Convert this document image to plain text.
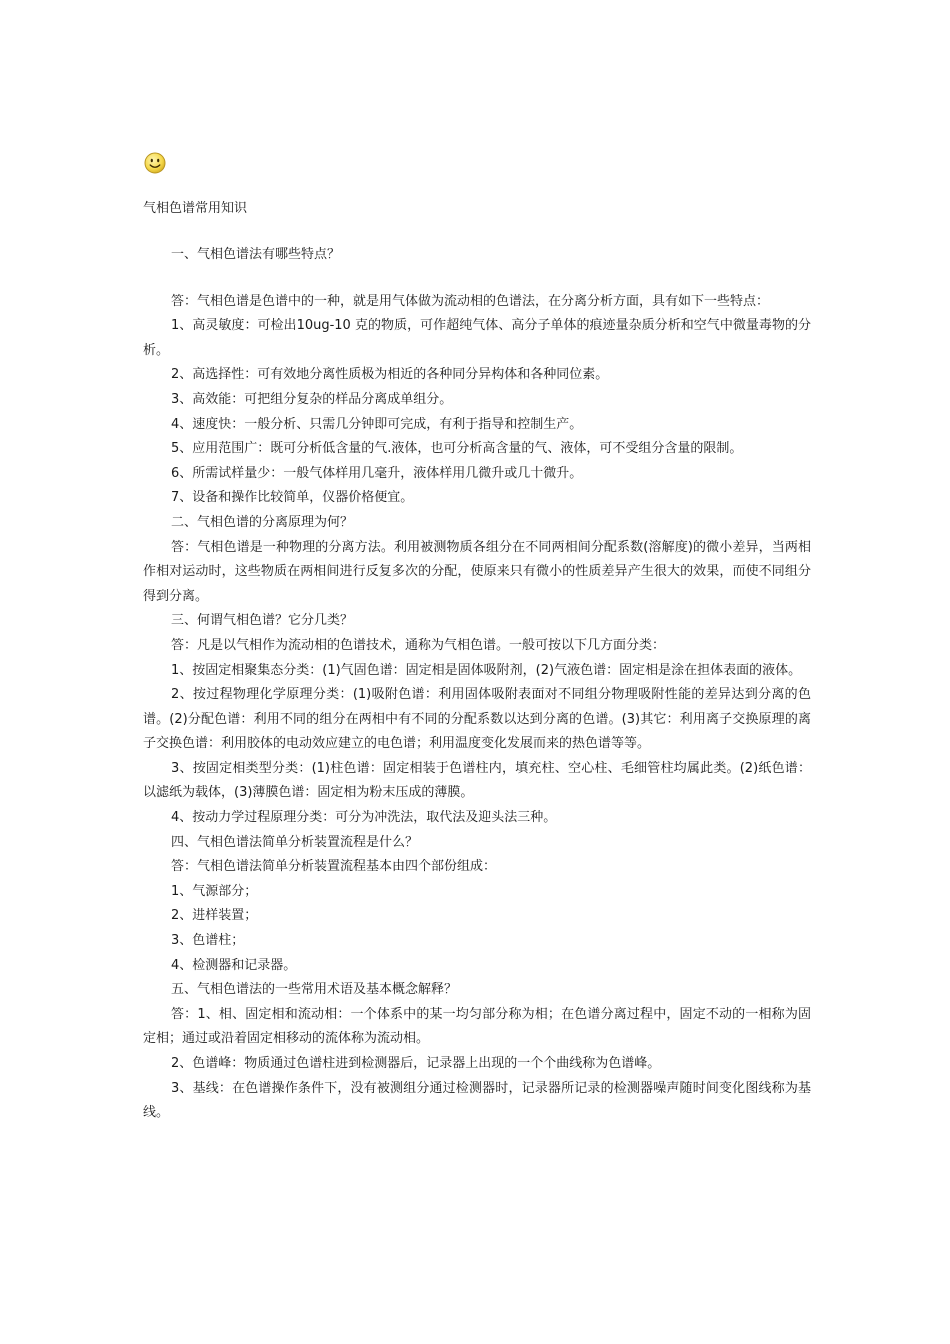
气相色谱常用知识

一、气相色谱法有哪些特点？

答：气相色谱是色谱中的一种，就是用气体做为流动相的色谱法，在分离分析方面，具有如下一些特点：

1、高灵敏度：可检出10ug-10 克的物质，可作超纯气体、高分子单体的痕迹量杂质分析和空气中微量毒物的分析。

2、高选择性：可有效地分离性质极为相近的各种同分异构体和各种同位素。

3、高效能：可把组分复杂的样品分离成单组分。

4、速度快：一般分析、只需几分钟即可完成，有利于指导和控制生产。

5、应用范围广：既可分析低含量的气.液体，也可分析高含量的气、液体，可不受组分含量的限制。

6、所需试样量少：一般气体样用几毫升，液体样用几微升或几十微升。

7、设备和操作比较简单，仪器价格便宜。

二、气相色谱的分离原理为何？

答：气相色谱是一种物理的分离方法。利用被测物质各组分在不同两相间分配系数(溶解度)的微小差异，当两相作相对运动时，这些物质在两相间进行反复多次的分配，使原来只有微小的性质差异产生很大的效果，而使不同组分得到分离。

三、何谓气相色谱？它分几类？

答：凡是以气相作为流动相的色谱技术，通称为气相色谱。一般可按以下几方面分类：

1、按固定相聚集态分类：(1)气固色谱：固定相是固体吸附剂，(2)气液色谱：固定相是涂在担体表面的液体。

2、按过程物理化学原理分类：(1)吸附色谱：利用固体吸附表面对不同组分物理吸附性能的差异达到分离的色谱。(2)分配色谱：利用不同的组分在两相中有不同的分配系数以达到分离的色谱。(3)其它：利用离子交换原理的离子交换色谱：利用胶体的电动效应建立的电色谱；利用温度变化发展而来的热色谱等等。

3、按固定相类型分类：(1)柱色谱：固定相装于色谱柱内，填充柱、空心柱、毛细管柱均属此类。(2)纸色谱：以滤纸为载体，(3)薄膜色谱：固定相为粉末压成的薄膜。

4、按动力学过程原理分类：可分为冲洗法，取代法及迎头法三种。

四、气相色谱法简单分析装置流程是什么？

答：气相色谱法简单分析装置流程基本由四个部份组成：

1、气源部分；

2、进样装置；

3、色谱柱；

4、检测器和记录器。

五、气相色谱法的一些常用术语及基本概念解释？

答：1、相、固定相和流动相：一个体系中的某一均匀部分称为相；在色谱分离过程中，固定不动的一相称为固定相；通过或沿着固定相移动的流体称为流动相。

2、色谱峰：物质通过色谱柱进到检测器后，记录器上出现的一个个曲线称为色谱峰。

3、基线：在色谱操作条件下，没有被测组分通过检测器时，记录器所记录的检测器噪声随时间变化图线称为基线。
